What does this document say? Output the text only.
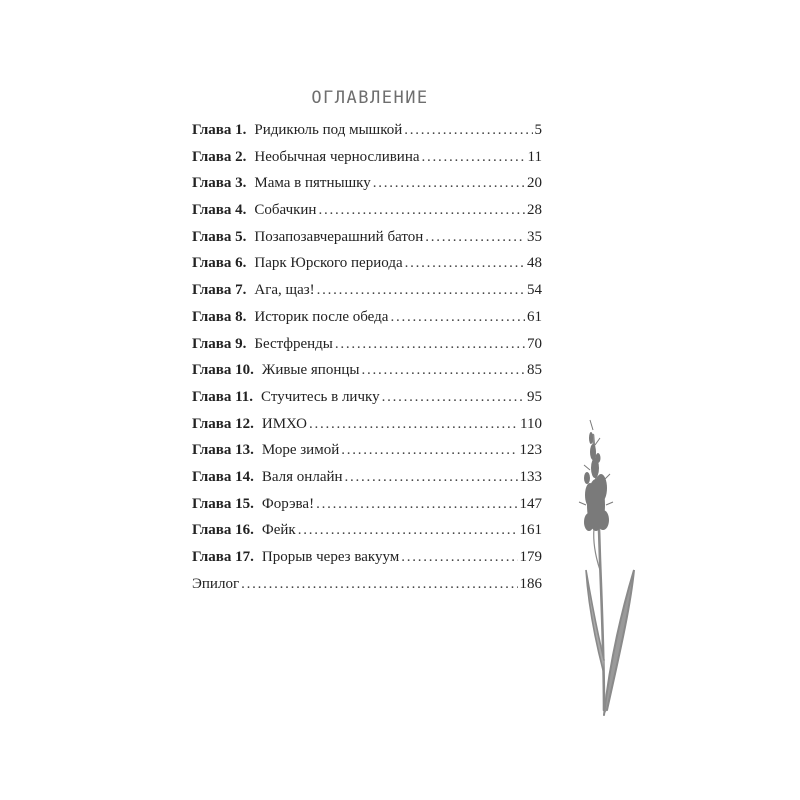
ОГЛАВЛЕНИЕ
Глава 1. Ридикюль под мышкой . . .	5
Глава 2. Необычная черносливина . . .	11
Глава 3. Мама в пятнышку . . .	20
Глава 4. Собачкин . . .	28
Глава 5. Позапозавчерашний батон . . .	35
Глава 6. Парк Юрского периода . . .	48
Глава 7. Ага, щаз! . . .	54
Глава 8. Историк после обеда . . .	61
Глава 9. Бестфренды . . .	70
Глава 10. Живые японцы . . .	85
Глава 11. Стучитесь в личку . . .	95
Глава 12. ИМХО . . .	110
Глава 13. Море зимой . . .	123
Глава 14. Валя онлайн . . .	133
Глава 15. Форэва! . . .	147
Глава 16. Фейк . . .	161
Глава 17. Прорыв через вакуум . . .	179
Эпилог . . .	186
